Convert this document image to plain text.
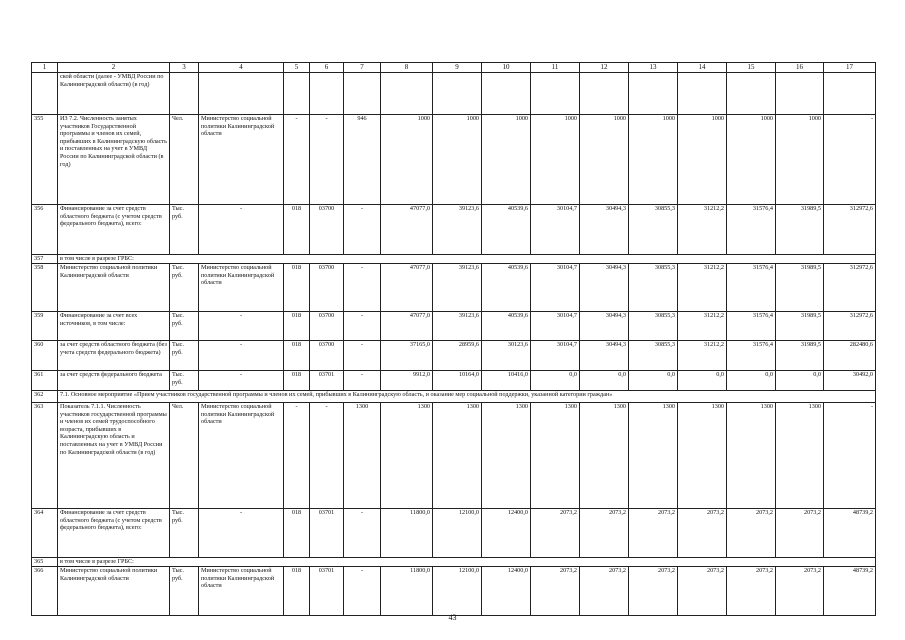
1	2	3	4	5	6	7	8	9	10	11	12	13	14	15	16	17
	ской области (далее - УМВД России по Калининградской области) (в год)															
355	ИЗ 7.2. Численность занятых участников Государственной программы и членов их семей, прибывших в Калининградскую область и поставленных на учет в УМВД России по Калининградской области (в год)	Чел.	Министерство социальной политики Калининградской области	-	-	946	1000	1000	1000	1000	1000	1000	1000	1000	1000	-
356	Финансирование за счет средств областного бюджета (с учетом средств федерального бюджета), всего:	Тыс. руб.	-	018	03700	-	47077,0	39123,6	40539,6	30104,7	30494,3	30855,3	31212,2	31576,4	31989,5	312972,6
357	в том числе в разрезе ГРБС:															
358	Министерство социальной политики Калининградской области	Тыс. руб.	Министерство социальной политики Калининградской области	018	03700	-	47077,0	39123,6	40539,6	30104,7	30494,3	30855,3	31212,2	31576,4	31989,5	312972,6
359	Финансирование за счет всех источников, в том числе:	Тыс. руб.	-	018	03700	-	47077,0	39123,6	40539,6	30104,7	30494,3	30855,3	31212,2	31576,4	31989,5	312972,6
360	за счет средств областного бюджета (без учета средств федерального бюджета)	Тыс. руб.	-	018	03700	-	37165,0	28959,6	30123,6	30104,7	30494,3	30855,3	31212,2	31576,4	31989,5	282480,6
361	за счет средств федерального бюджета	Тыс. руб.	-	018	03701	-	9912,0	10164,0	10416,0	0,0	0,0	0,0	0,0	0,0	0,0	30492,0
362	7.1. Основное мероприятие «Прием участников государственной программы и членов их семей, прибывших в Калининградскую область, и оказание мер социальной поддержки, указанной категории граждан»															
363	Показатель 7.1.1. Численность участников государственной программы и членов их семей трудоспособного возраста, прибывших в Калининградскую область и поставленных на учет в УМВД России по Калининградской области (в год)	Чел.	Министерство социальной политики Калининградской области	-	-	1300	1300	1300	1300	1300	1300	1300	1300	1300	1300	-
364	Финансирование за счет средств областного бюджета (с учетом средств федерального бюджета), всего:	Тыс. руб.	-	018	03701	-	11800,0	12100,0	12400,0	2073,2	2073,2	2073,2	2073,2	2073,2	2073,2	48739,2
365	в том числе в разрезе ГРБС:															
366	Министерство социальной политики Калининградской области	Тыс. руб.	Министерство социальной политики Калининградской области	018	03701	-	11800,0	12100,0	12400,0	2073,2	2073,2	2073,2	2073,2	2073,2	2073,2	48739,2
43
